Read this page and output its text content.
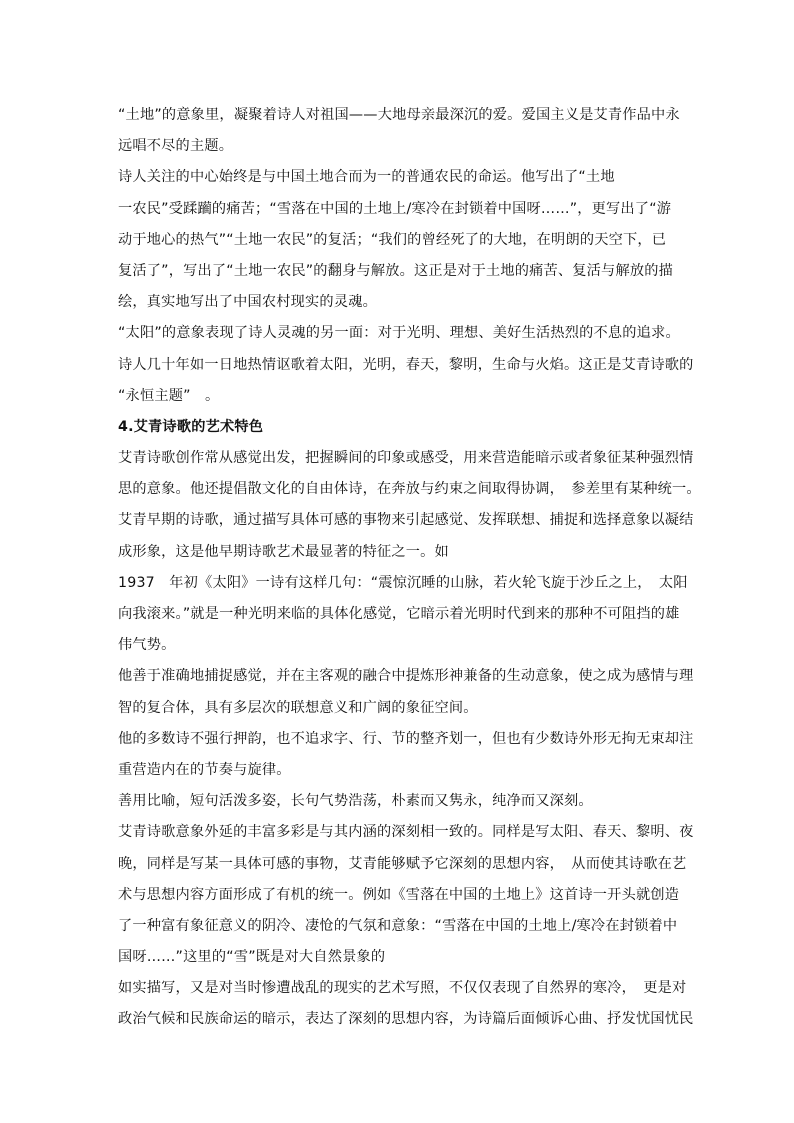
“土地”的意象里，凝聚着诗人对祖国——大地母亲最深沉的爱。爱国主义是艾青作品中永
远唱不尽的主题。
诗人关注的中心始终是与中国土地合而为一的普通农民的命运。他写出了“土地
一农民”受蹂躏的痛苦；“雪落在中国的土地上/寒冷在封锁着中国呀……”，更写出了“游
动于地心的热气”“土地一农民”的复活；“我们的曾经死了的大地，在明朗的天空下，已
复活了”，写出了“土地一农民”的翻身与解放。这正是对于土地的痛苦、复活与解放的描
绘，真实地写出了中国农村现实的灵魂。
“太阳”的意象表现了诗人灵魂的另一面：对于光明、理想、美好生活热烈的不息的追求。
诗人几十年如一日地热情讴歌着太阳，光明，春天，黎明，生命与火焰。这正是艾青诗歌的
“永恒主题”　。
4.艾青诗歌的艺术特色
艾青诗歌创作常从感觉出发，把握瞬间的印象或感受，用来营造能暗示或者象征某种强烈情
思的意象。他还提倡散文化的自由体诗，在奔放与约束之间取得协调，　参差里有某种统一。
艾青早期的诗歌，通过描写具体可感的事物来引起感觉、发挥联想、捕捉和选择意象以凝结
成形象，这是他早期诗歌艺术最显著的特征之一。如
1937　年初《太阳》一诗有这样几句：“震惊沉睡的山脉，若火轮飞旋于沙丘之上，　太阳
向我滚来。”就是一种光明来临的具体化感觉，它暗示着光明时代到来的那种不可阻挡的雄
伟气势。
他善于准确地捕捉感觉，并在主客观的融合中提炼形神兼备的生动意象，使之成为感情与理
智的复合体，具有多层次的联想意义和广阔的象征空间。
他的多数诗不强行押韵，也不追求字、行、节的整齐划一，但也有少数诗外形无拘无束却注
重营造内在的节奏与旋律。
善用比喻，短句活泼多姿，长句气势浩荡，朴素而又隽永，纯净而又深刻。
艾青诗歌意象外延的丰富多彩是与其内涵的深刻相一致的。同样是写太阳、春天、黎明、夜
晚，同样是写某一具体可感的事物，艾青能够赋予它深刻的思想内容，　从而使其诗歌在艺
术与思想内容方面形成了有机的统一。例如《雪落在中国的土地上》这首诗一开头就创造
了一种富有象征意义的阴冷、凄怆的气氛和意象：“雪落在中国的土地上/寒冷在封锁着中
国呀……”这里的“雪”既是对大自然景象的
如实描写，又是对当时惨遭战乱的现实的艺术写照，不仅仅表现了自然界的寒冷，　更是对
政治气候和民族命运的暗示，表达了深刻的思想内容，为诗篇后面倾诉心曲、抒发忧国忧民
